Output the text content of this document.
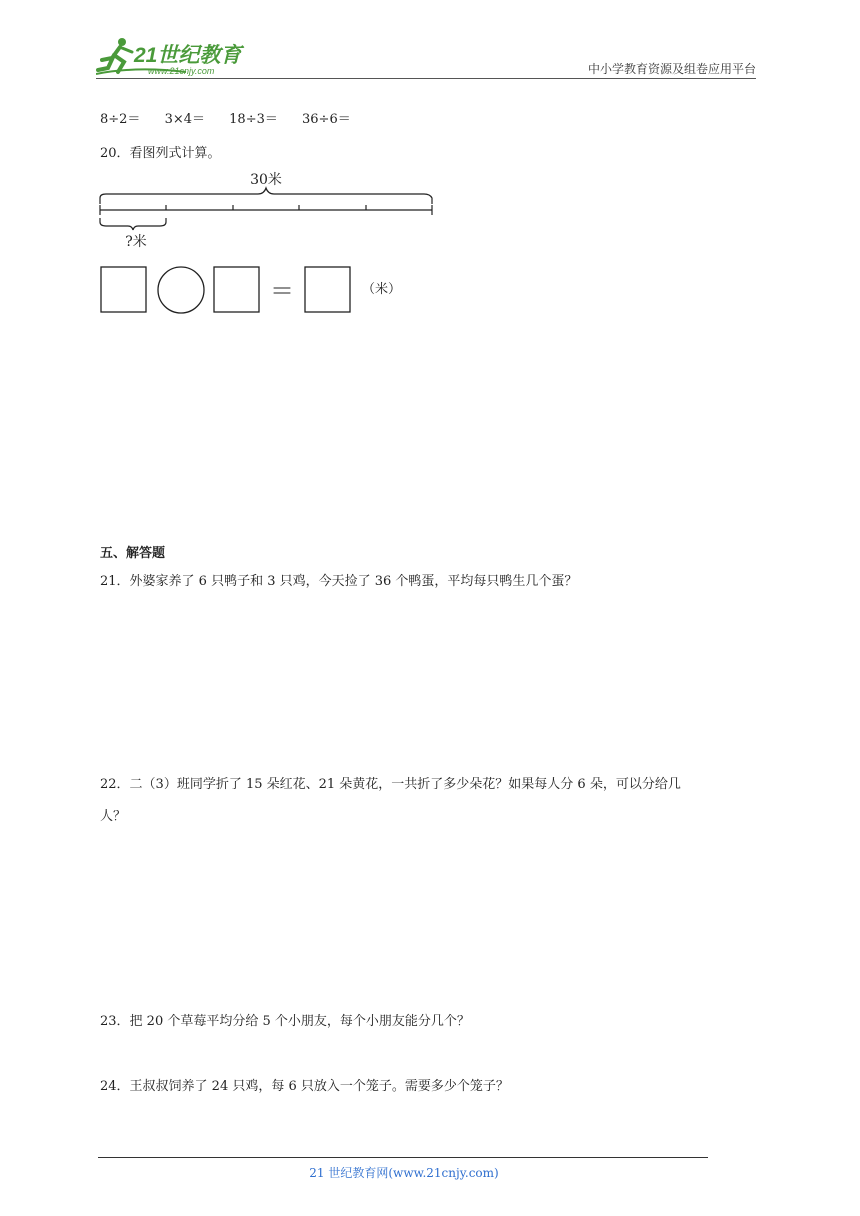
21世纪教育
www.21cnjy.com	中小学教育资源及组卷应用平台
8÷2＝ 3×4＝ 18÷3＝ 36÷6＝
20．看图列式计算。
30米
?米
＝	（米）
五、解答题
21．外婆家养了 6 只鸭子和 3 只鸡，今天捡了 36 个鸭蛋，平均每只鸭生几个蛋？
22．二（3）班同学折了 15 朵红花、21 朵黄花，一共折了多少朵花？如果每人分 6 朵，可以分给几
人？
23．把 20 个草莓平均分给 5 个小朋友，每个小朋友能分几个？
24．王叔叔饲养了 24 只鸡，每 6 只放入一个笼子。需要多少个笼子？
21 世纪教育网(www.21cnjy.com)
